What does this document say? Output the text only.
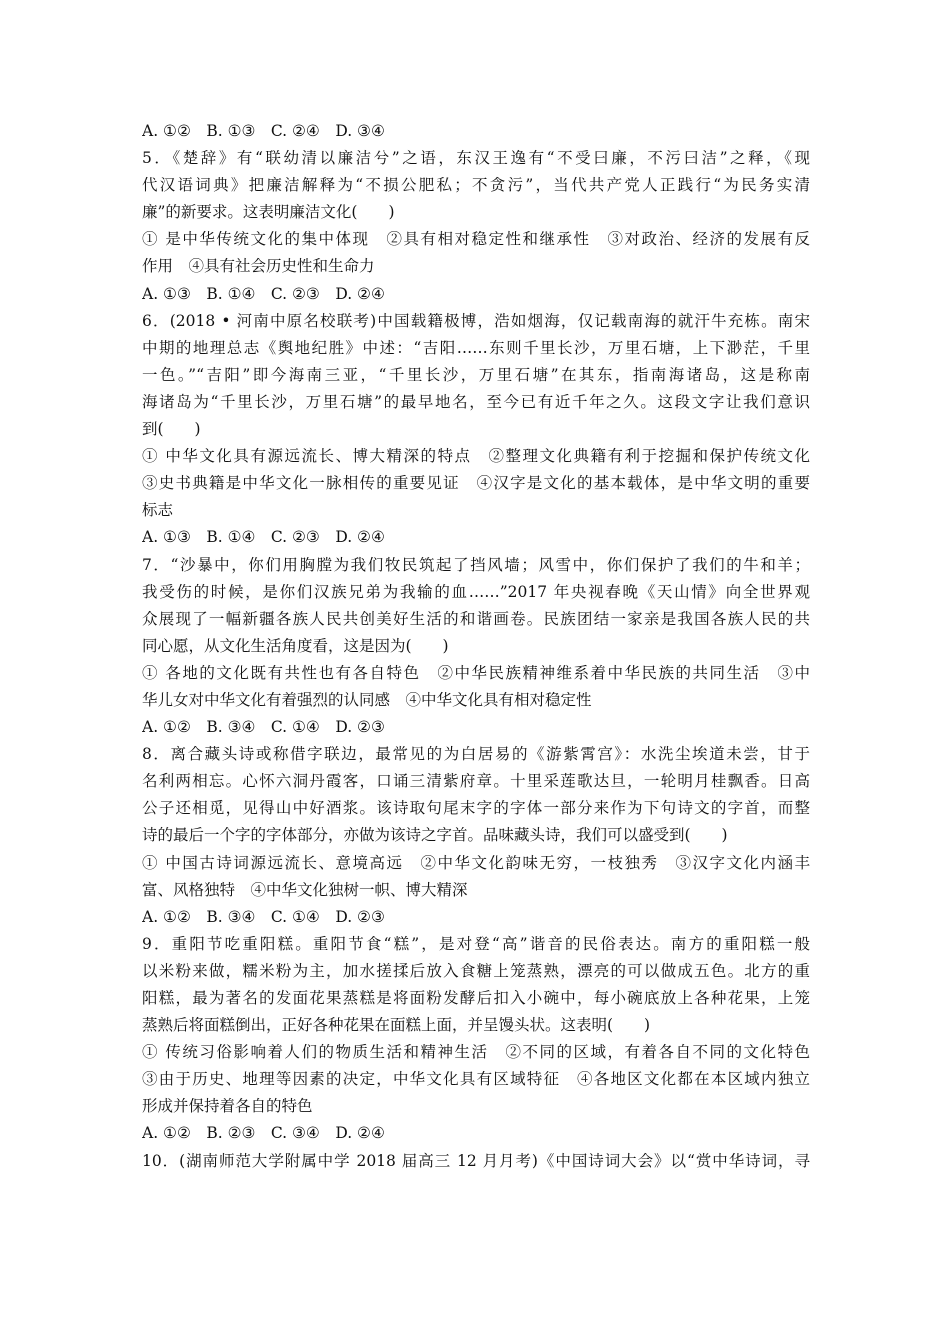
A. ①②　B. ①③　C. ②④　D. ③④
5．《楚辞》有“联幼清以廉洁兮”之语，东汉王逸有“不受曰廉，不污曰洁”之释，《现
代汉语词典》把廉洁解释为“不损公肥私；不贪污”，当代共产党人正践行“为民务实清
廉”的新要求。这表明廉洁文化(　　)
① 是中华传统文化的集中体现　②具有相对稳定性和继承性　③对政治、经济的发展有反
作用　④具有社会历史性和生命力
A. ①③　B. ①④　C. ②③　D. ②④
6．(2018 • 河南中原名校联考)中国载籍极博，浩如烟海，仅记载南海的就汗牛充栋。南宋
中期的地理总志《舆地纪胜》中述：“吉阳……东则千里长沙，万里石塘，上下渺茫，千里
一色。”“吉阳”即今海南三亚，“千里长沙，万里石塘”在其东，指南海诸岛，这是称南
海诸岛为“千里长沙，万里石塘”的最早地名，至今已有近千年之久。这段文字让我们意识
到(　　)
① 中华文化具有源远流长、博大精深的特点　②整理文化典籍有利于挖掘和保护传统文化
③史书典籍是中华文化一脉相传的重要见证　④汉字是文化的基本载体，是中华文明的重要
标志
A. ①③　B. ①④　C. ②③　D. ②④
7．“沙暴中，你们用胸膛为我们牧民筑起了挡风墙；风雪中，你们保护了我们的牛和羊；
我受伤的时候，是你们汉族兄弟为我输的血……”2017 年央视春晚《天山情》向全世界观
众展现了一幅新疆各族人民共创美好生活的和谐画卷。民族团结一家亲是我国各族人民的共
同心愿，从文化生活角度看，这是因为(　　)
① 各地的文化既有共性也有各自特色　②中华民族精神维系着中华民族的共同生活　③中
华儿女对中华文化有着强烈的认同感　④中华文化具有相对稳定性
A. ①②　B. ③④　C. ①④　D. ②③
8．离合藏头诗或称借字联边，最常见的为白居易的《游紫霄宫》：水洗尘埃道未尝，甘于
名利两相忘。心怀六洞丹霞客，口诵三清紫府章。十里采莲歌达旦，一轮明月桂飘香。日高
公子还相觅，见得山中好酒浆。该诗取句尾末字的字体一部分来作为下句诗文的字首，而整
诗的最后一个字的字体部分，亦做为该诗之字首。品味藏头诗，我们可以盛受到(　　)
① 中国古诗词源远流长、意境高远　②中华文化韵味无穷，一枝独秀　③汉字文化内涵丰
富、风格独特　④中华文化独树一帜、博大精深
A. ①②　B. ③④　C. ①④　D. ②③
9．重阳节吃重阳糕。重阳节食“糕”，是对登“高”谐音的民俗表达。南方的重阳糕一般
以米粉来做，糯米粉为主，加水搓揉后放入食糖上笼蒸熟，漂亮的可以做成五色。北方的重
阳糕，最为著名的发面花果蒸糕是将面粉发酵后扣入小碗中，每小碗底放上各种花果，上笼
蒸熟后将面糕倒出，正好各种花果在面糕上面，并呈馒头状。这表明(　　)
① 传统习俗影响着人们的物质生活和精神生活　②不同的区域，有着各自不同的文化特色
③由于历史、地理等因素的决定，中华文化具有区域特征　④各地区文化都在本区域内独立
形成并保持着各自的特色
A. ①②　B. ②③　C. ③④　D. ②④
10．(湖南师范大学附属中学 2018 届高三 12 月月考)《中国诗词大会》以“赏中华诗词，寻
